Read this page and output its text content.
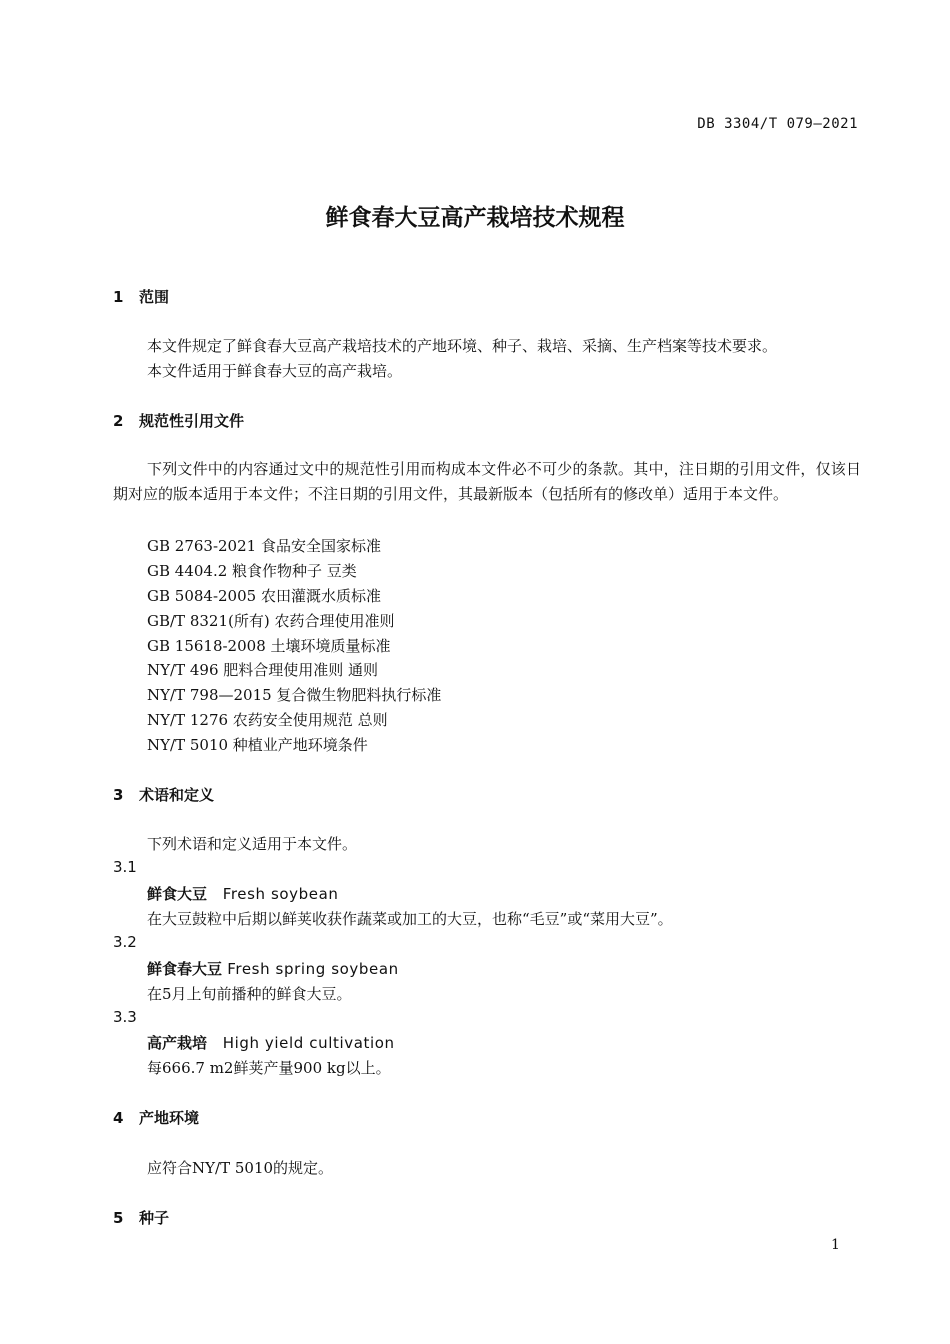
DB 3304/T 079—2021
鲜食春大豆高产栽培技术规程
1 范围
本文件规定了鲜食春大豆高产栽培技术的产地环境、种子、栽培、采摘、生产档案等技术要求。
本文件适用于鲜食春大豆的高产栽培。
2 规范性引用文件
下列文件中的内容通过文中的规范性引用而构成本文件必不可少的条款。其中，注日期的引用文件，仅该日期对应的版本适用于本文件；不注日期的引用文件，其最新版本（包括所有的修改单）适用于本文件。
GB 2763-2021 食品安全国家标准
GB 4404.2 粮食作物种子 豆类
GB 5084-2005 农田灌溉水质标准
GB/T 8321(所有) 农药合理使用准则
GB 15618-2008 土壤环境质量标准
NY/T 496 肥料合理使用准则 通则
NY/T 798—2015 复合微生物肥料执行标准
NY/T 1276 农药安全使用规范 总则
NY/T 5010 种植业产地环境条件
3 术语和定义
下列术语和定义适用于本文件。
3.1
鲜食大豆 Fresh soybean
在大豆鼓粒中后期以鲜荚收获作蔬菜或加工的大豆，也称“毛豆”或“菜用大豆”。
3.2
鲜食春大豆 Fresh spring soybean
在5月上旬前播种的鲜食大豆。
3.3
高产栽培 High yield cultivation
每666.7 m2鲜荚产量900 kg以上。
4 产地环境
应符合NY/T 5010的规定。
5 种子
1
